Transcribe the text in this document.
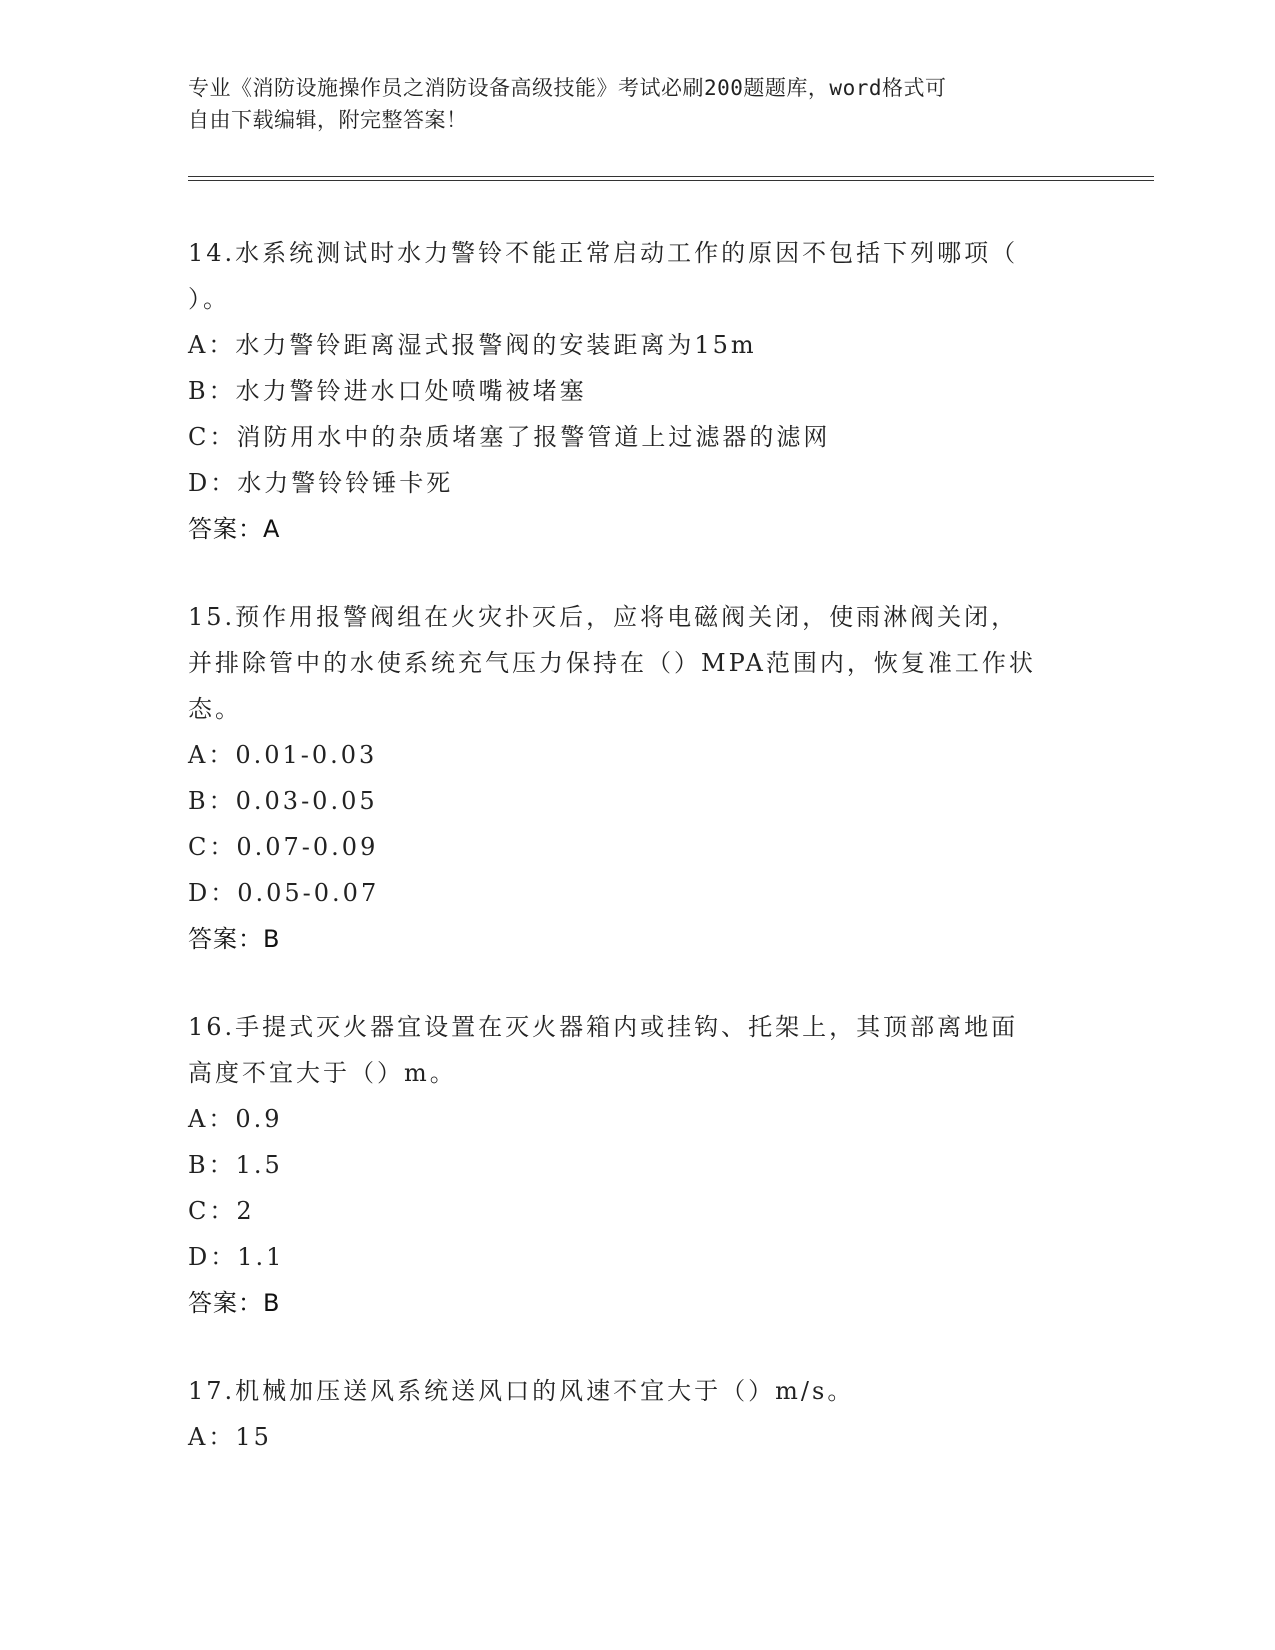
专业《消防设施操作员之消防设备高级技能》考试必刷200题题库，word格式可
自由下载编辑，附完整答案！
14.水系统测试时水力警铃不能正常启动工作的原因不包括下列哪项（
）。
A：水力警铃距离湿式报警阀的安装距离为15m
B：水力警铃进水口处喷嘴被堵塞
C：消防用水中的杂质堵塞了报警管道上过滤器的滤网
D：水力警铃铃锤卡死
答案：A
15.预作用报警阀组在火灾扑灭后，应将电磁阀关闭，使雨淋阀关闭，
并排除管中的水使系统充气压力保持在（）MPA范围内，恢复准工作状
态。
A：0.01-0.03
B：0.03-0.05
C：0.07-0.09
D：0.05-0.07
答案：B
16.手提式灭火器宜设置在灭火器箱内或挂钩、托架上，其顶部离地面
高度不宜大于（）m。
A：0.9
B：1.5
C：2
D：1.1
答案：B
17.机械加压送风系统送风口的风速不宜大于（）m/s。
A：15
